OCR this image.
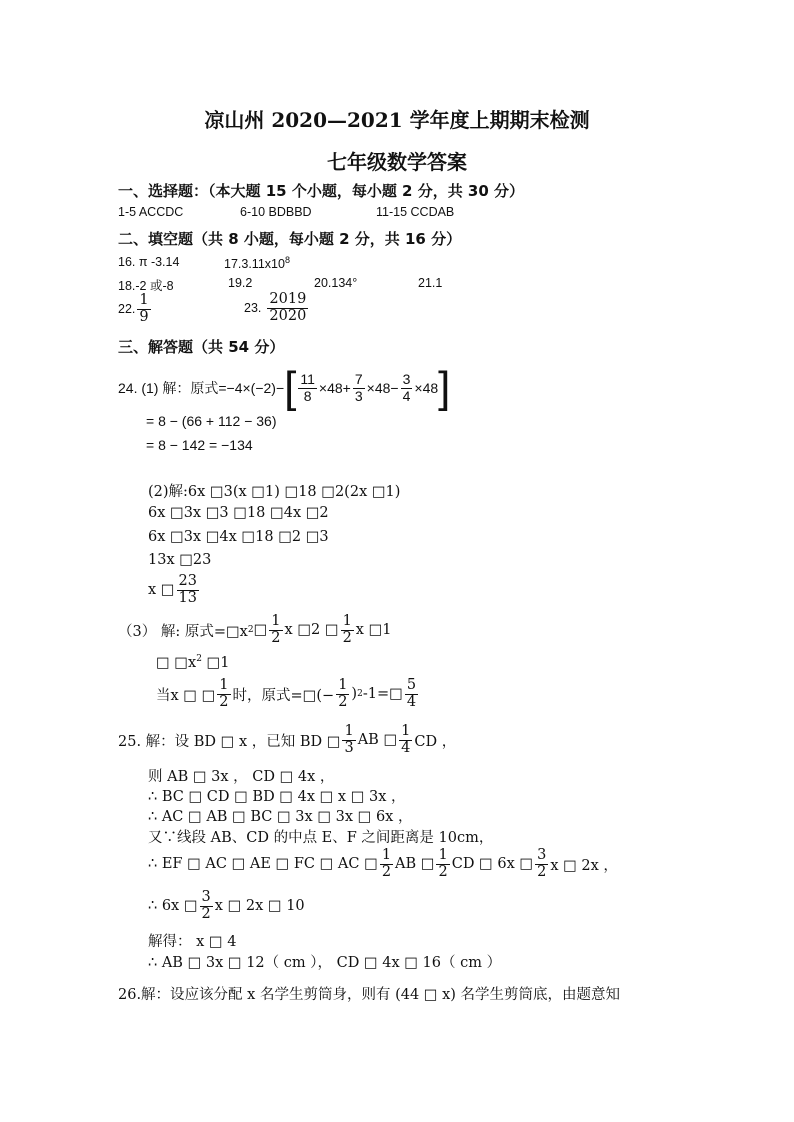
凉山州 2020—2021 学年度上期期末检测
七年级数学答案
一、选择题：（本大题 15 个小题，每小题 2 分，共 30 分）
1-5 ACCDC	6-10 BDBBD	11-15 CCDAB
二、填空题（共 8 小题，每小题 2 分，共 16 分）
16. π -3.14	$17.3.11x10^8$
18.-2 或-8	19.2	20.134°	21.1
22. $\frac{1}{9}$	23. $\frac{2019}{2020}$
三、解答题（共 54 分）
24. (1) 解：原式=−4×(−2)− [ $\frac{11}{8} \times 48+ \frac{7}{3} \times 48- \frac{3}{4} \times 48$ ]
= 8 − (66 + 112 − 36)
= 8 − 142 = −134
(2)解:6x □3(x □1) □18 □2(2x □1)
6x □3x □3 □18 □4x □2
6x □3x □4x □18 □2 □3
13x □23
x □ $\frac{23}{13}$
（3） 解: 原式=□x 2 □ $\frac{1}{2}$ x □2 □ $\frac{1}{2}$ x □1
□ $□x^2$ □1
当x □ □ $\frac{1}{2}$ 时，原式=□(− $\frac{1}{2}$ ) 2 -1=□ $\frac{5}{4}$
25. 解：设 BD □ x ，已知 BD □ $\frac{1}{3}$ AB □ $\frac{1}{4}$ CD ，
则 AB □ 3x ， CD □ 4x ，
∴ BC □ CD □ BD □ 4x □ x □ 3x ，
∴ AC □ AB □ BC □ 3x □ 3x □ 6x ，
又∵线段 AB、CD 的中点 E、F 之间距离是 10cm，
∴ EF □ AC □ AE □ FC □ AC □ $\frac{1}{2}$ AB □ $\frac{1}{2}$ CD □ 6x □ $\frac{3}{2}$ x □ 2x ，
∴ 6x □ $\frac{3}{2}$ x □ 2x □ 10
解得： x □ 4
∴ AB □ 3x □ 12（ cm ）， CD □ 4x □ 16（ cm ）
26.解：设应该分配 x 名学生剪筒身，则有 (44 □ x) 名学生剪筒底，由题意知
